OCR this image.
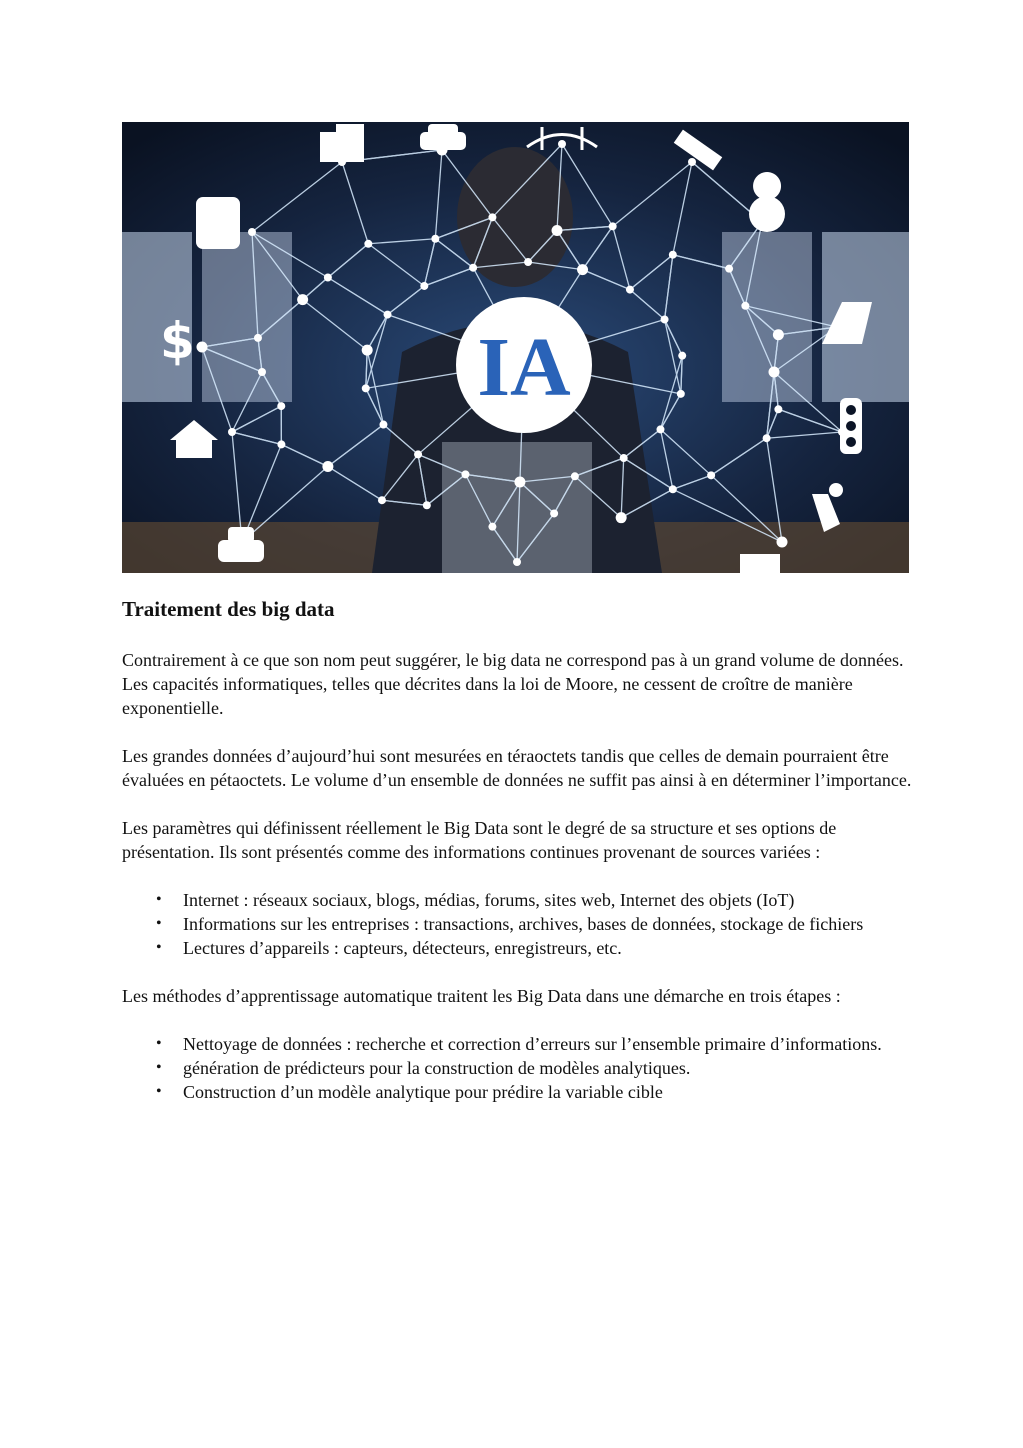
IA
$
Traitement des big data

Contrairement à ce que son nom peut suggérer, le big data ne correspond pas à un grand volume de données. Les capacités informatiques, telles que décrites dans la loi de Moore, ne cessent de croître de manière exponentielle.

Les grandes données d’aujourd’hui sont mesurées en téraoctets tandis que celles de demain pourraient être évaluées en pétaoctets. Le volume d’un ensemble de données ne suffit pas ainsi à en déterminer l’importance.

Les paramètres qui définissent réellement le Big Data sont le degré de sa structure et ses options de présentation. Ils sont présentés comme des informations continues provenant de sources variées :

• Internet : réseaux sociaux, blogs, médias, forums, sites web, Internet des objets (IoT)
• Informations sur les entreprises : transactions, archives, bases de données, stockage de fichiers
• Lectures d’appareils : capteurs, détecteurs, enregistreurs, etc.

Les méthodes d’apprentissage automatique traitent les Big Data dans une démarche en trois étapes :

• Nettoyage de données : recherche et correction d’erreurs sur l’ensemble primaire d’informations.
• génération de prédicteurs pour la construction de modèles analytiques.
• Construction d’un modèle analytique pour prédire la variable cible
